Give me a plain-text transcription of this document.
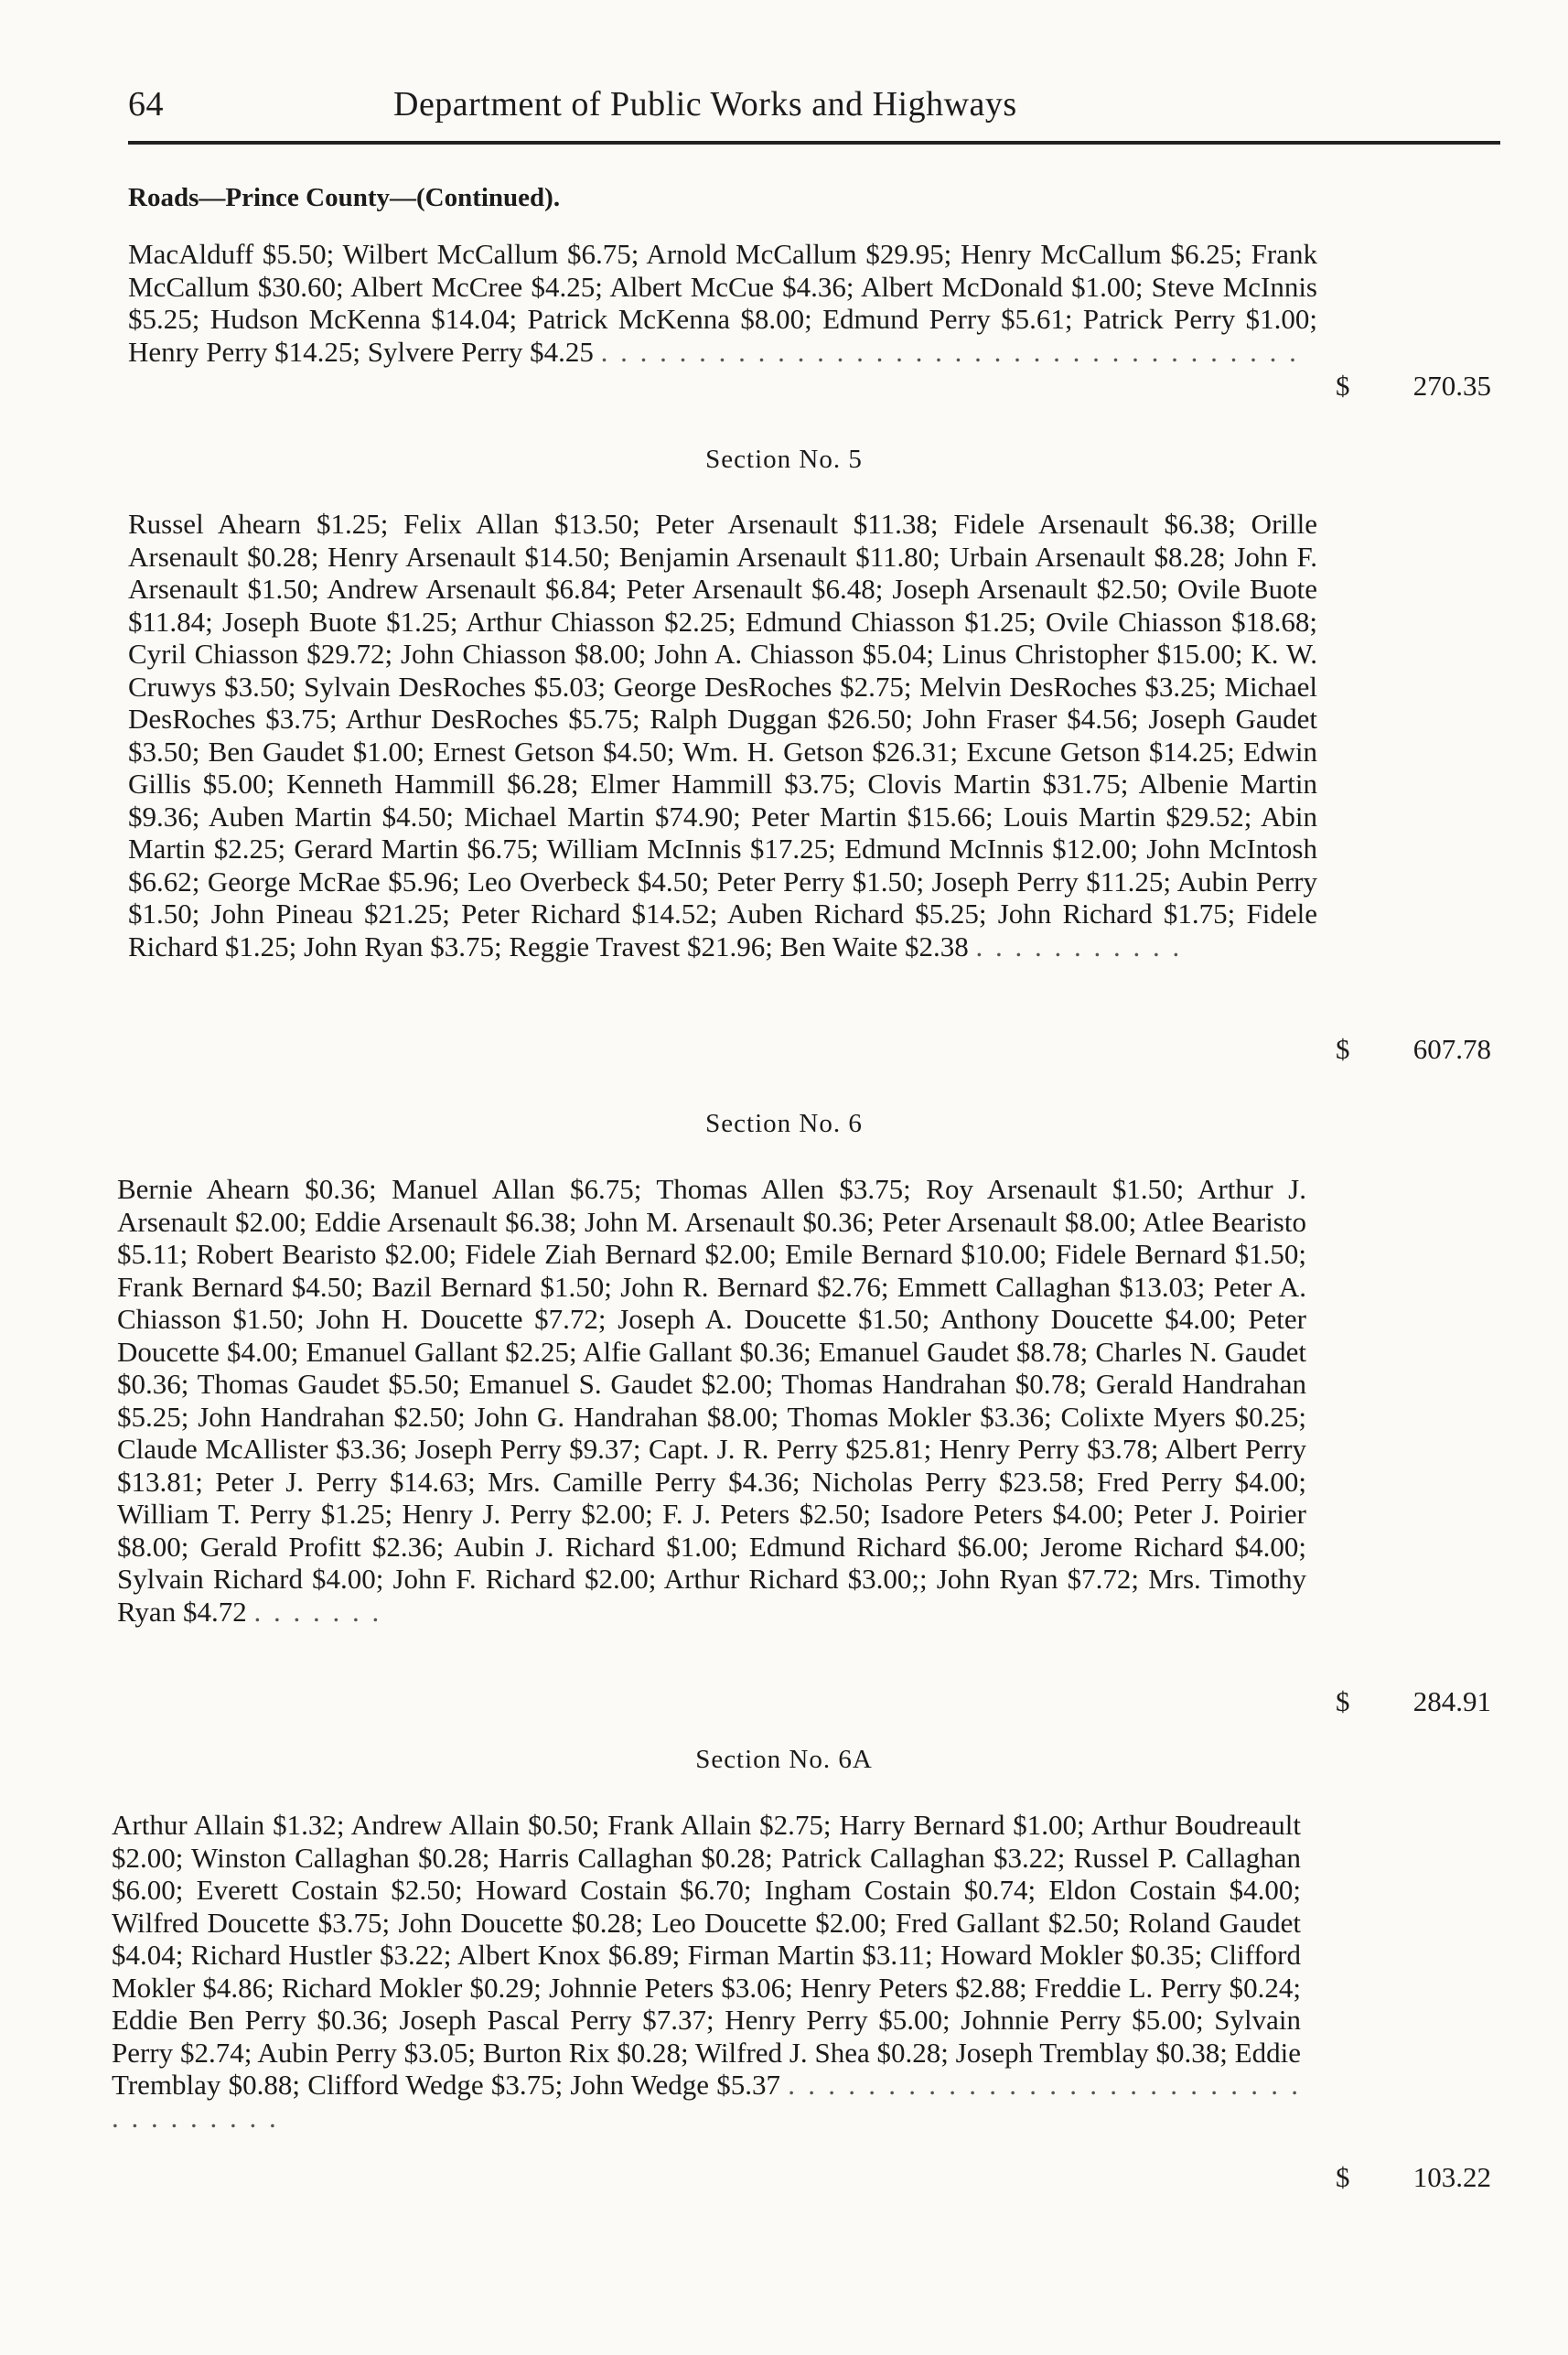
64	Department of Public Works and Highways
Roads—Prince County—(Continued).
MacAlduff $5.50; Wilbert McCallum $6.75; Arnold McCallum $29.95; Henry McCallum $6.25; Frank McCallum $30.60; Albert McCree $4.25; Albert McCue $4.36; Albert McDonald $1.00; Steve McInnis $5.25; Hudson McKenna $14.04; Patrick McKenna $8.00; Edmund Perry $5.61; Patrick Perry $1.00; Henry Perry $14.25; Sylvere Perry $4.25 . . . . . . . . . . . . . . . . . . . . . . . . . . . . . . . . . . . .
$ 270.35
Section No. 5
Russel Ahearn $1.25; Felix Allan $13.50; Peter Arsenault $11.38; Fidele Arsenault $6.38; Orille Arsenault $0.28; Henry Arsenault $14.50; Benjamin Arsenault $11.80; Urbain Arsenault $8.28; John F. Arsenault $1.50; Andrew Arsenault $6.84; Peter Arsenault $6.48; Joseph Arsenault $2.50; Ovile Buote $11.84; Joseph Buote $1.25; Arthur Chiasson $2.25; Edmund Chiasson $1.25; Ovile Chiasson $18.68; Cyril Chiasson $29.72; John Chiasson $8.00; John A. Chiasson $5.04; Linus Christopher $15.00; K. W. Cruwys $3.50; Sylvain DesRoches $5.03; George DesRoches $2.75; Melvin DesRoches $3.25; Michael DesRoches $3.75; Arthur DesRoches $5.75; Ralph Duggan $26.50; John Fraser $4.56; Joseph Gaudet $3.50; Ben Gaudet $1.00; Ernest Getson $4.50; Wm. H. Getson $26.31; Excune Getson $14.25; Edwin Gillis $5.00; Kenneth Hammill $6.28; Elmer Hammill $3.75; Clovis Martin $31.75; Albenie Martin $9.36; Auben Martin $4.50; Michael Martin $74.90; Peter Martin $15.66; Louis Martin $29.52; Abin Martin $2.25; Gerard Martin $6.75; William McInnis $17.25; Edmund McInnis $12.00; John McIntosh $6.62; George McRae $5.96; Leo Overbeck $4.50; Peter Perry $1.50; Joseph Perry $11.25; Aubin Perry $1.50; John Pineau $21.25; Peter Richard $14.52; Auben Richard $5.25; John Richard $1.75; Fidele Richard $1.25; John Ryan $3.75; Reggie Travest $21.96; Ben Waite $2.38 . . . . . . . . . . .
$ 607.78
Section No. 6
Bernie Ahearn $0.36; Manuel Allan $6.75; Thomas Allen $3.75; Roy Arsenault $1.50; Arthur J. Arsenault $2.00; Eddie Arsenault $6.38; John M. Arsenault $0.36; Peter Arsenault $8.00; Atlee Bearisto $5.11; Robert Bearisto $2.00; Fidele Ziah Bernard $2.00; Emile Bernard $10.00; Fidele Bernard $1.50; Frank Bernard $4.50; Bazil Bernard $1.50; John R. Bernard $2.76; Emmett Callaghan $13.03; Peter A. Chiasson $1.50; John H. Doucette $7.72; Joseph A. Doucette $1.50; Anthony Doucette $4.00; Peter Doucette $4.00; Emanuel Gallant $2.25; Alfie Gallant $0.36; Emanuel Gaudet $8.78; Charles N. Gaudet $0.36; Thomas Gaudet $5.50; Emanuel S. Gaudet $2.00; Thomas Handrahan $0.78; Gerald Handrahan $5.25; John Handrahan $2.50; John G. Handrahan $8.00; Thomas Mokler $3.36; Colixte Myers $0.25; Claude McAllister $3.36; Joseph Perry $9.37; Capt. J. R. Perry $25.81; Henry Perry $3.78; Albert Perry $13.81; Peter J. Perry $14.63; Mrs. Camille Perry $4.36; Nicholas Perry $23.58; Fred Perry $4.00; William T. Perry $1.25; Henry J. Perry $2.00; F. J. Peters $2.50; Isadore Peters $4.00; Peter J. Poirier $8.00; Gerald Profitt $2.36; Aubin J. Richard $1.00; Edmund Richard $6.00; Jerome Richard $4.00; Sylvain Richard $4.00; John F. Richard $2.00; Arthur Richard $3.00;; John Ryan $7.72; Mrs. Timothy Ryan $4.72 . . . . . . .
$ 284.91
Section No. 6A
Arthur Allain $1.32; Andrew Allain $0.50; Frank Allain $2.75; Harry Bernard $1.00; Arthur Boudreault $2.00; Winston Callaghan $0.28; Harris Callaghan $0.28; Patrick Callaghan $3.22; Russel P. Callaghan $6.00; Everett Costain $2.50; Howard Costain $6.70; Ingham Costain $0.74; Eldon Costain $4.00; Wilfred Doucette $3.75; John Doucette $0.28; Leo Doucette $2.00; Fred Gallant $2.50; Roland Gaudet $4.04; Richard Hustler $3.22; Albert Knox $6.89; Firman Martin $3.11; Howard Mokler $0.35; Clifford Mokler $4.86; Richard Mokler $0.29; Johnnie Peters $3.06; Henry Peters $2.88; Freddie L. Perry $0.24; Eddie Ben Perry $0.36; Joseph Pascal Perry $7.37; Henry Perry $5.00; Johnnie Perry $5.00; Sylvain Perry $2.74; Aubin Perry $3.05; Burton Rix $0.28; Wilfred J. Shea $0.28; Joseph Tremblay $0.38; Eddie Tremblay $0.88; Clifford Wedge $3.75; John Wedge $5.37 . . . . . . . . . . . . . . . . . . . . . . . . . . . . . . . . . . .
$ 103.22
